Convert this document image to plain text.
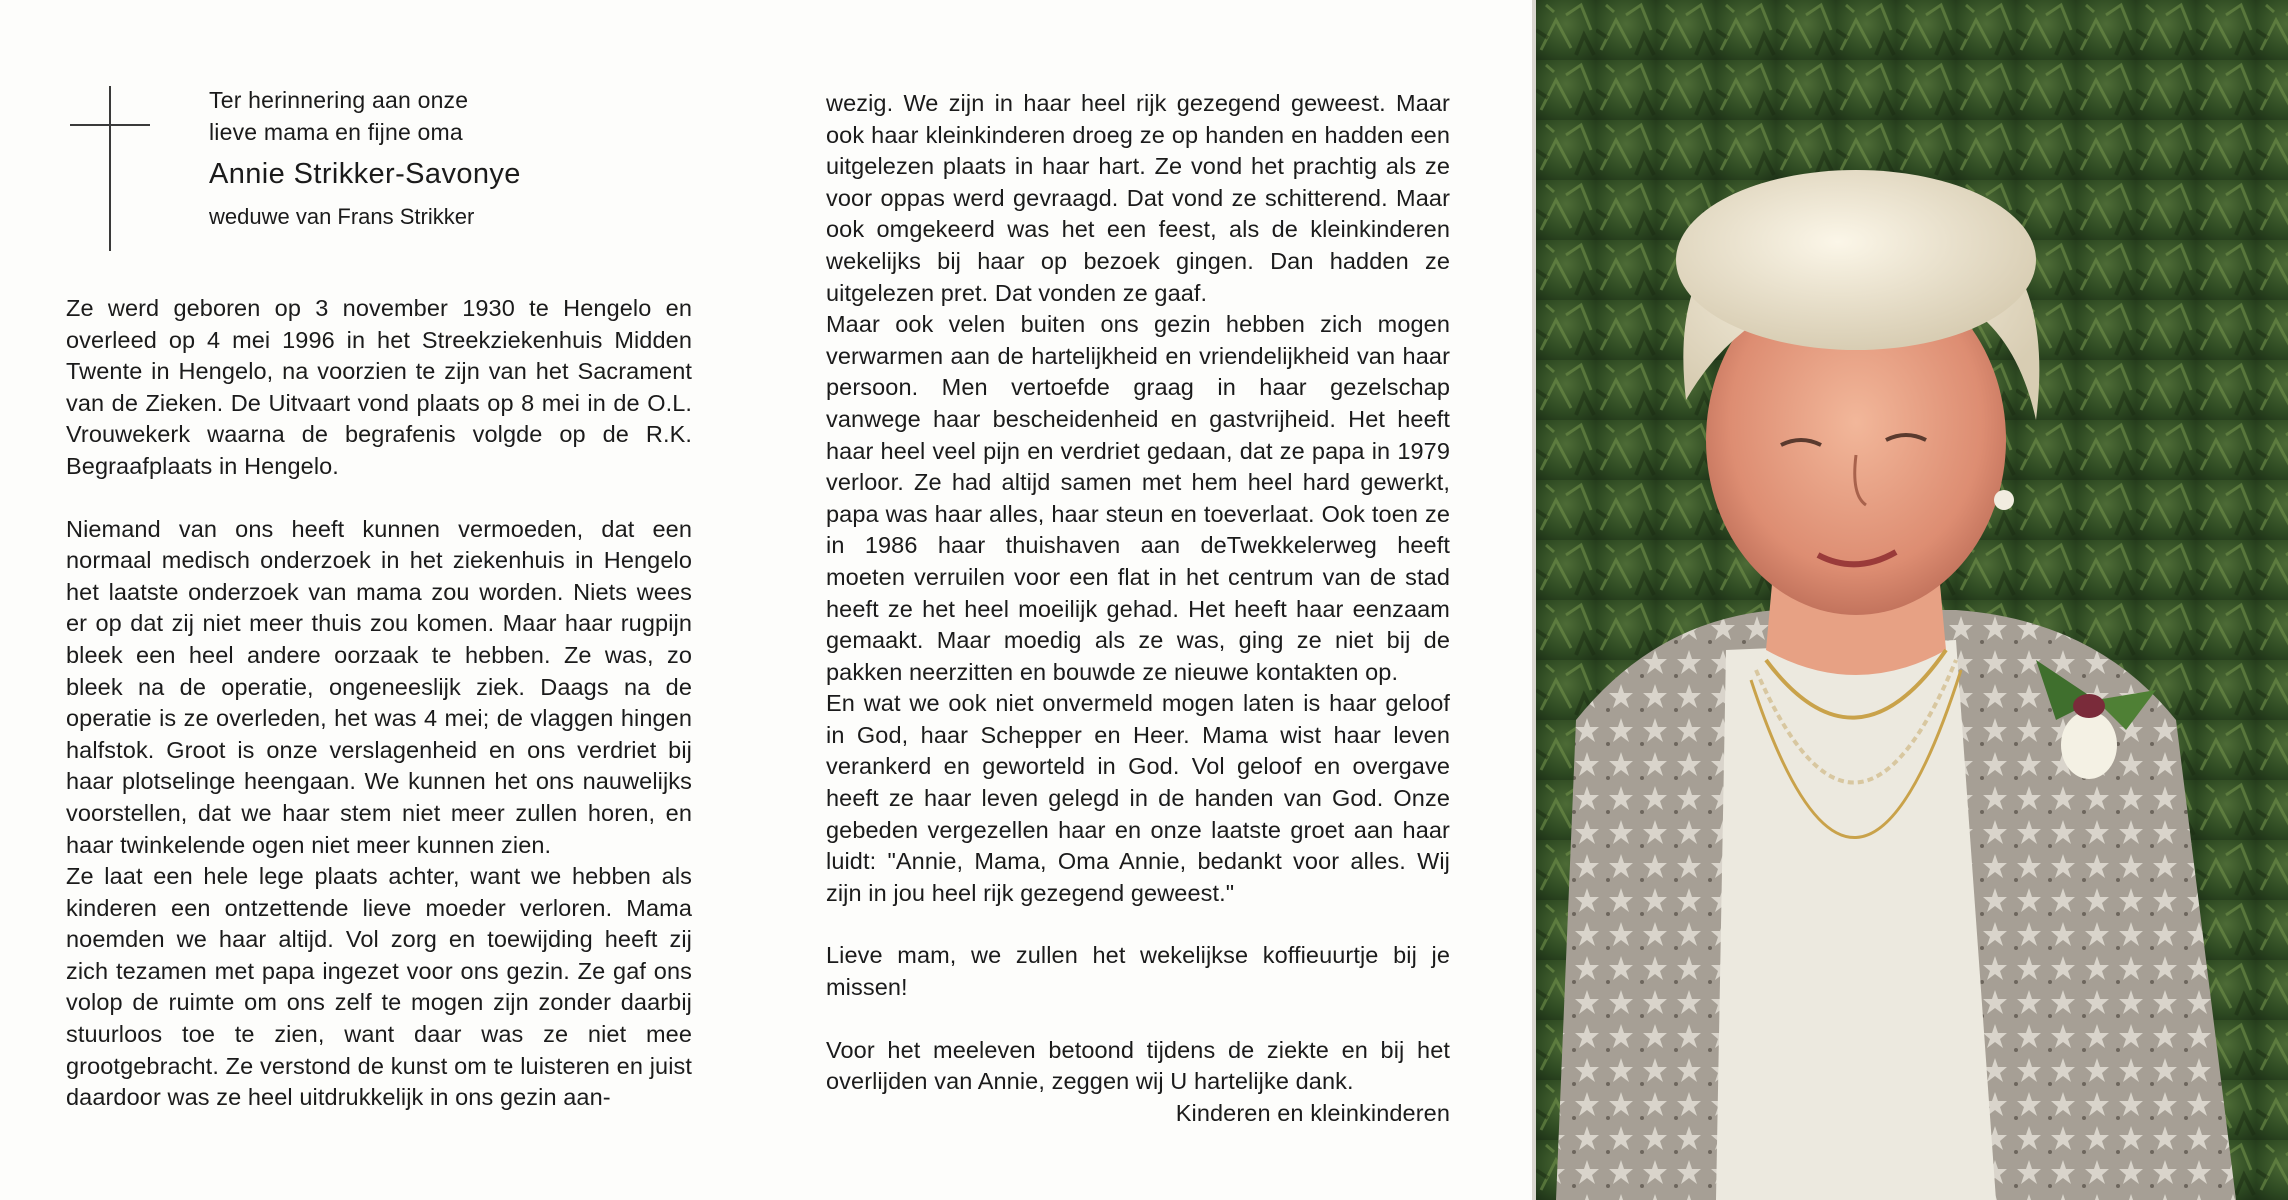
Ter herinnering aan onze
lieve mama en fijne oma
Annie Strikker-Savonye
weduwe van Frans Strikker

Ze werd geboren op 3 november 1930 te Hengelo en overleed op 4 mei 1996 in het Streekziekenhuis Midden Twente in Hengelo, na voorzien te zijn van het Sacrament van de Zieken. De Uitvaart vond plaats op 8 mei in de O.L. Vrouwekerk waarna de begrafenis volgde op de R.K. Begraafplaats in Hengelo.

Niemand van ons heeft kunnen vermoeden, dat een normaal medisch onderzoek in het ziekenhuis in Hengelo het laatste onderzoek van mama zou worden. Niets wees er op dat zij niet meer thuis zou komen. Maar haar rugpijn bleek een heel andere oorzaak te hebben. Ze was, zo bleek na de operatie, ongeneeslijk ziek. Daags na de operatie is ze overleden, het was 4 mei; de vlaggen hingen halfstok. Groot is onze verslagenheid en ons verdriet bij haar plotselinge heengaan. We kunnen het ons nauwelijks voorstellen, dat we haar stem niet meer zullen horen, en haar twinkelende ogen niet meer kunnen zien.

Ze laat een hele lege plaats achter, want we hebben als kinderen een ontzettende lieve moeder verloren. Mama noemden we haar altijd. Vol zorg en toewijding heeft zij zich tezamen met papa ingezet voor ons gezin. Ze gaf ons volop de ruimte om ons zelf te mogen zijn zonder daarbij stuurloos toe te zien, want daar was ze niet mee grootgebracht. Ze verstond de kunst om te luisteren en juist daardoor was ze heel uitdrukkelijk in ons gezin aan-

wezig. We zijn in haar heel rijk gezegend geweest. Maar ook haar kleinkinderen droeg ze op handen en hadden een uitgelezen plaats in haar hart. Ze vond het prachtig als ze voor oppas werd gevraagd. Dat vond ze schitterend. Maar ook omgekeerd was het een feest, als de kleinkinderen wekelijks bij haar op bezoek gingen. Dan hadden ze uitgelezen pret. Dat vonden ze gaaf.

Maar ook velen buiten ons gezin hebben zich mogen verwarmen aan de hartelijkheid en vriendelijkheid van haar persoon. Men vertoefde graag in haar gezelschap vanwege haar bescheidenheid en gastvrijheid. Het heeft haar heel veel pijn en verdriet gedaan, dat ze papa in 1979 verloor. Ze had altijd samen met hem heel hard gewerkt, papa was haar alles, haar steun en toeverlaat. Ook toen ze in 1986 haar thuishaven aan deTwekkelerweg heeft moeten verruilen voor een flat in het centrum van de stad heeft ze het heel moeilijk gehad. Het heeft haar eenzaam gemaakt. Maar moedig als ze was, ging ze niet bij de pakken neerzitten en bouwde ze nieuwe kontakten op.

En wat we ook niet onvermeld mogen laten is haar geloof in God, haar Schepper en Heer. Mama wist haar leven verankerd en geworteld in God. Vol geloof en overgave heeft ze haar leven gelegd in de handen van God. Onze gebeden vergezellen haar en onze laatste groet aan haar luidt: "Annie, Mama, Oma Annie, bedankt voor alles. Wij zijn in jou heel rijk gezegend geweest."

Lieve mam, we zullen het wekelijkse koffieuurtje bij je missen!

Voor het meeleven betoond tijdens de ziekte en bij het overlijden van Annie, zeggen wij U hartelijke dank.

Kinderen en kleinkinderen
